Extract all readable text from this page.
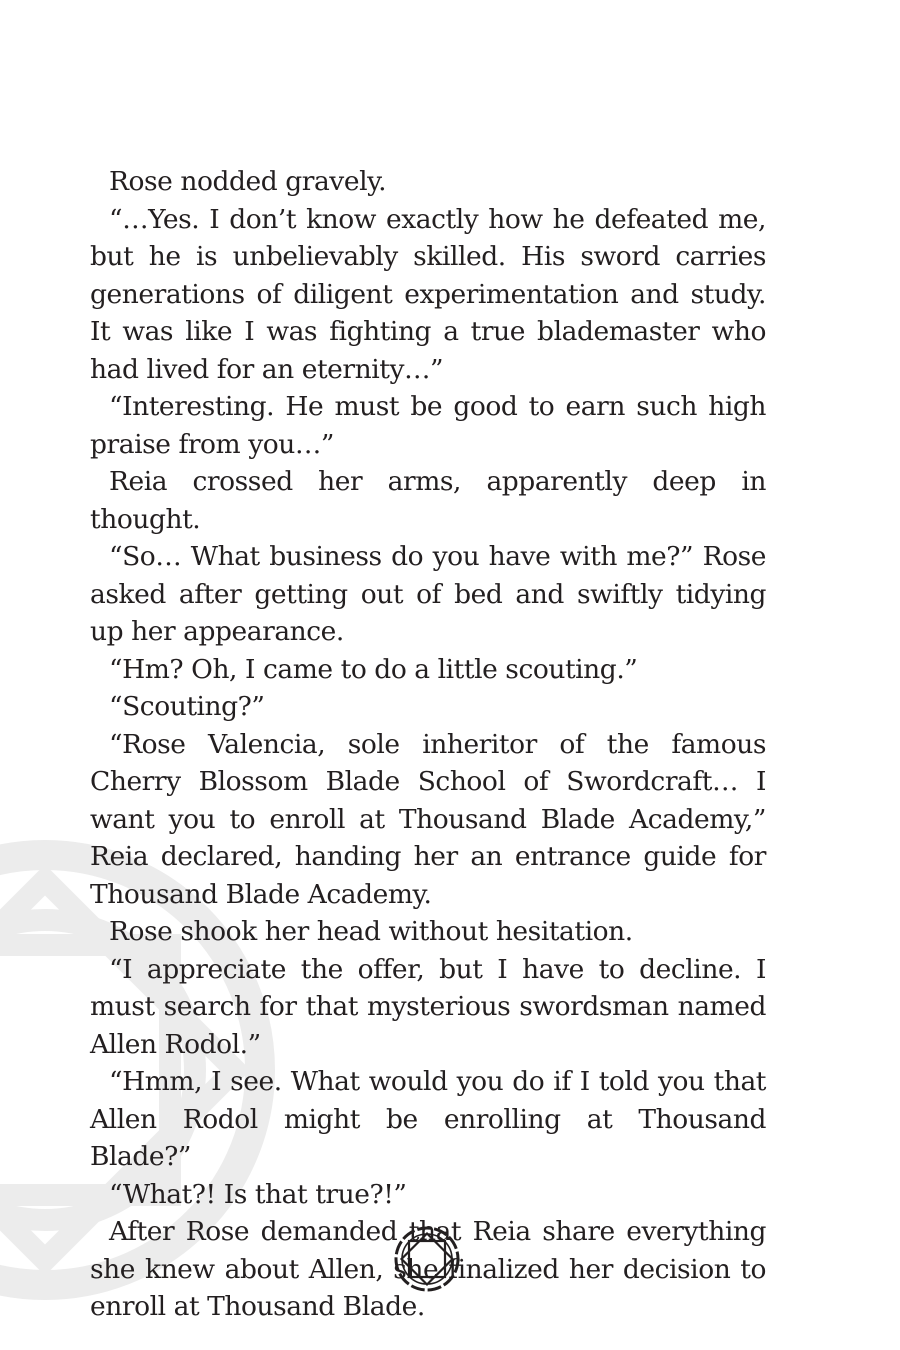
Rose nodded gravely.

“…Yes. I don’t know exactly how he defeated me, but he is unbelievably skilled. His sword carries generations of diligent experimentation and study. It was like I was fighting a true blademaster who had lived for an eternity…”

“Interesting. He must be good to earn such high praise from you…”

Reia crossed her arms, apparently deep in thought.

“So… What business do you have with me?” Rose asked after getting out of bed and swiftly tidying up her appearance.

“Hm? Oh, I came to do a little scouting.”

“Scouting?”

“Rose Valencia, sole inheritor of the famous Cherry Blossom Blade School of Swordcraft… I want you to enroll at Thousand Blade Academy,” Reia declared, handing her an entrance guide for Thousand Blade Academy.

Rose shook her head without hesitation.

“I appreciate the offer, but I have to decline. I must search for that mysterious swordsman named Allen Rodol.”

“Hmm, I see. What would you do if I told you that Allen Rodol might be enrolling at Thousand Blade?”

“What?! Is that true?!”

After Rose demanded that Reia share everything she knew about Allen, she finalized her decision to enroll at Thousand Blade.
